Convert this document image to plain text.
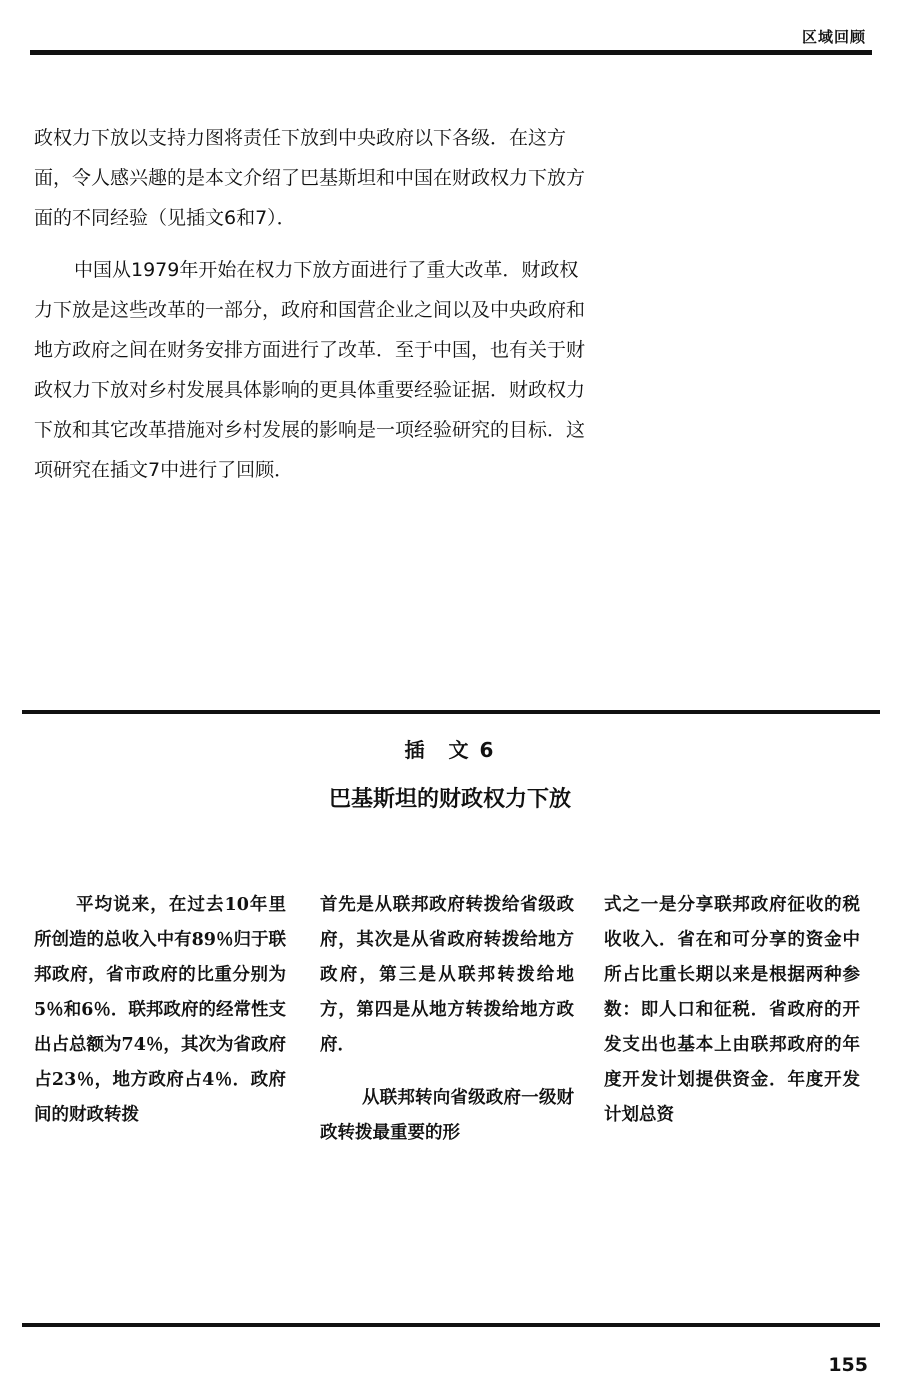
区域回顾

政权力下放以支持力图将责任下放到中央政府以下各级．在这方面，令人感兴趣的是本文介绍了巴基斯坦和中国在财政权力下放方面的不同经验（见插文6和7）．

中国从1979年开始在权力下放方面进行了重大改革．财政权力下放是这些改革的一部分，政府和国营企业之间以及中央政府和地方政府之间在财务安排方面进行了改革．至于中国，也有关于财政权力下放对乡村发展具体影响的更具体重要经验证据．财政权力下放和其它改革措施对乡村发展的影响是一项经验研究的目标．这项研究在插文7中进行了回顾．

插　文 6
巴基斯坦的财政权力下放

平均说来，在过去10年里所创造的总收入中有89％归于联邦政府，省市政府的比重分别为5％和6％．联邦政府的经常性支出占总额为74％，其次为省政府占23％，地方政府占4％．政府间的财政转拨

首先是从联邦政府转拨给省级政府，其次是从省政府转拨给地方政府，第三是从联邦转拨给地方，第四是从地方转拨给地方政府．

从联邦转向省级政府一级财政转拨最重要的形

式之一是分享联邦政府征收的税收收入．省在和可分享的资金中所占比重长期以来是根据两种参数：即人口和征税．省政府的开发支出也基本上由联邦政府的年度开发计划提供资金．年度开发计划总资

155
